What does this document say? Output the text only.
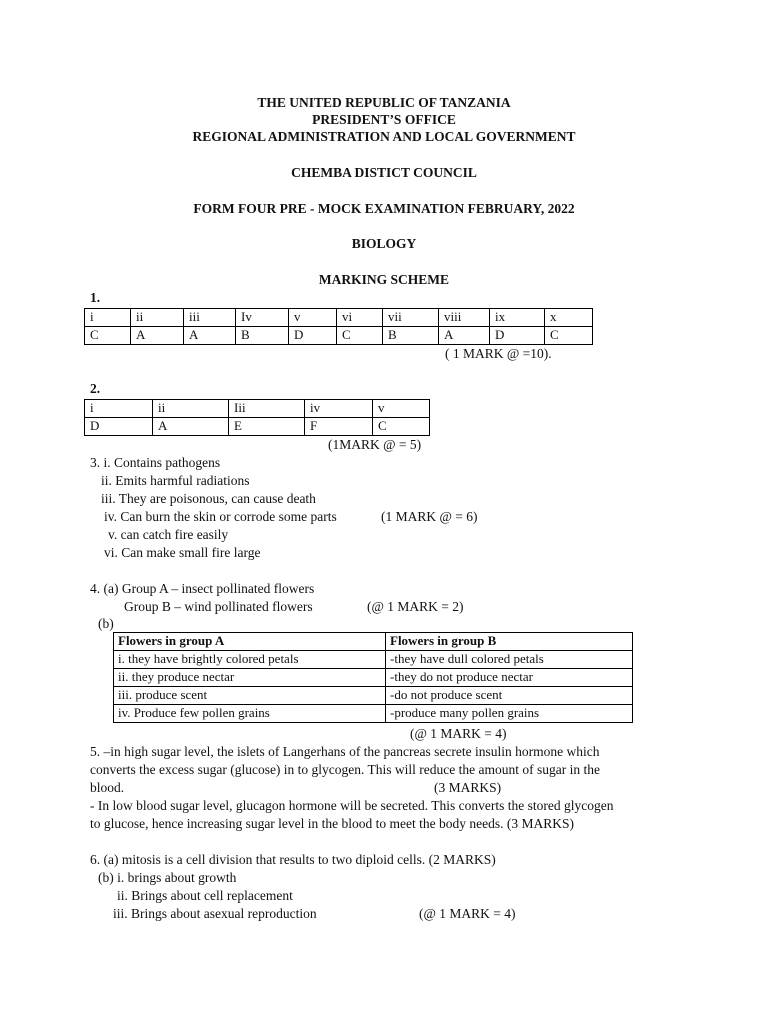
THE UNITED REPUBLIC OF TANZANIA
PRESIDENT’S OFFICE
REGIONAL ADMINISTRATION AND LOCAL GOVERNMENT
CHEMBA DISTICT COUNCIL
FORM FOUR PRE - MOCK EXAMINATION FEBRUARY, 2022
BIOLOGY
MARKING SCHEME
1.
i	ii	iii	Iv	v	vi	vii	viii	ix	x
C	A	A	B	D	C	B	A	D	C
( 1 MARK @ =10).
2.
i	ii	Iii	iv	v
D	A	E	F	C
(1MARK @ = 5)
3. i. Contains pathogens
ii. Emits harmful radiations
iii. They are poisonous, can cause death
iv. Can burn the skin or corrode some parts	(1 MARK @ = 6)
v. can catch fire easily
vi. Can make small fire large
4. (a) Group A – insect pollinated flowers
Group B – wind pollinated flowers	(@ 1 MARK = 2)
(b)
Flowers in group A	Flowers in group B
i. they have brightly colored petals	-they have dull colored petals
ii. they produce nectar	-they do not produce nectar
iii. produce scent	-do not produce scent
iv. Produce few pollen grains	-produce many pollen grains
(@ 1 MARK = 4)
5. –in high sugar level, the islets of Langerhans of the pancreas secrete insulin hormone which
converts the excess sugar (glucose) in to glycogen. This will reduce the amount of sugar in the
blood.	(3 MARKS)
- In low blood sugar level, glucagon hormone will be secreted. This converts the stored glycogen
to glucose, hence increasing sugar level in the blood to meet the body needs. (3 MARKS)
6. (a) mitosis is a cell division that results to two diploid cells. (2 MARKS)
(b) i. brings about growth
ii. Brings about cell replacement
iii. Brings about asexual reproduction	(@ 1 MARK = 4)
